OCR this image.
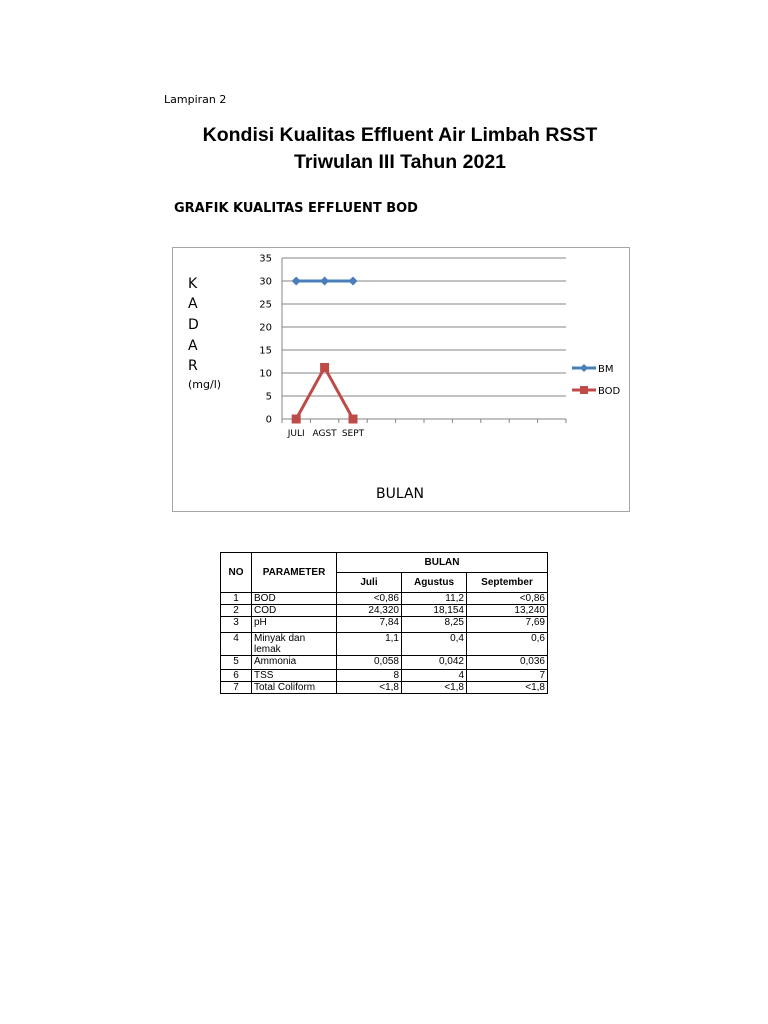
Lampiran 2
Kondisi Kualitas Effluent Air Limbah RSST
Triwulan III Tahun 2021
GRAFIK KUALITAS EFFLUENT BOD
0
5
10
15
20
25
30
35
JULI AGST SEPT
BM
BOD
K
A
D
A
R
(mg/l)
BULAN
NO	PARAMETER	BULAN		
		Juli	Agustus	September
1	BOD	<0,86	11,2	<0,86
2	COD	24,320	18,154	13,240
3	pH	7,84	8,25	7,69
4	Minyak dan lemak	1,1	0,4	0,6
5	Ammonia	0,058	0,042	0,036
6	TSS	8	4	7
7	Total Coliform	<1,8	<1,8	<1,8
